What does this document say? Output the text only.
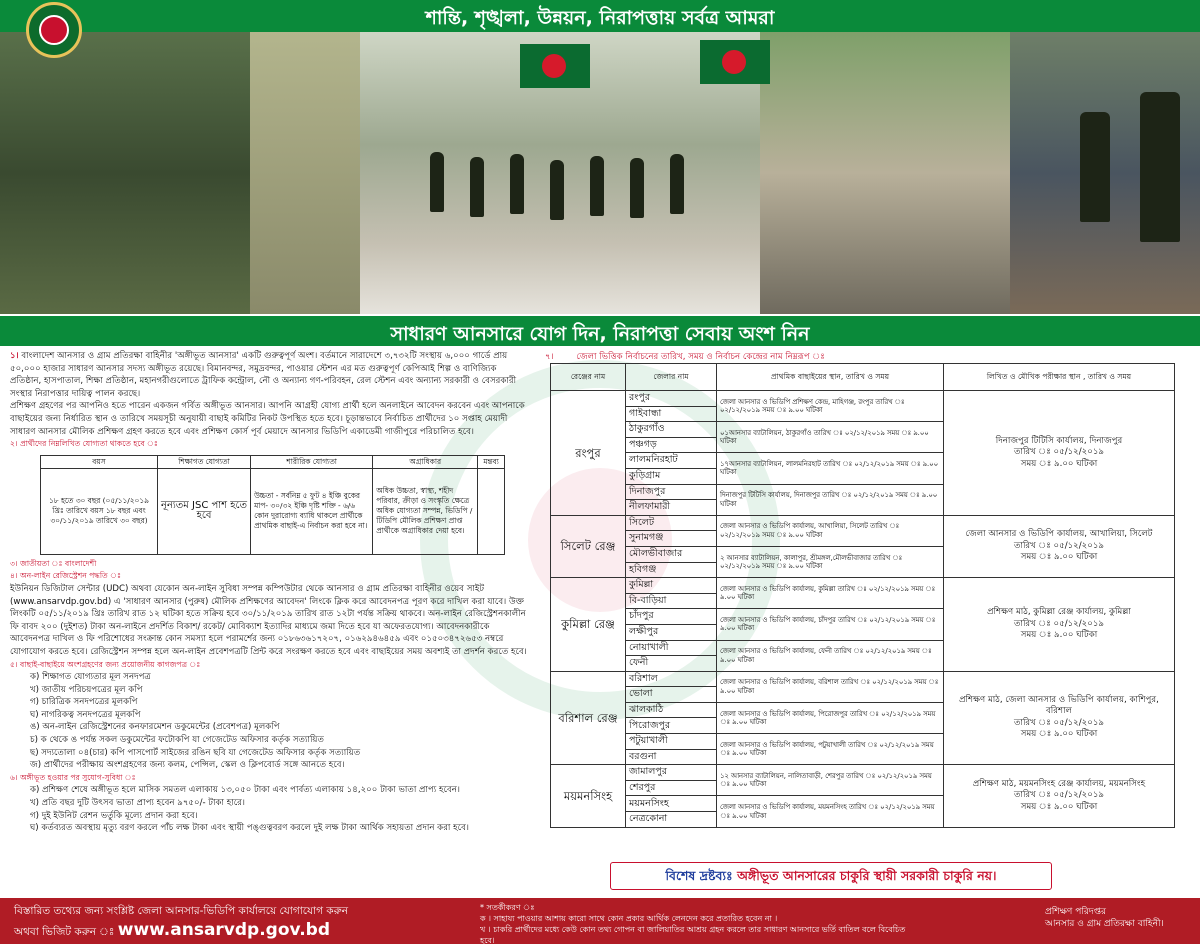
শান্তি, শৃঙ্খলা, উন্নয়ন, নিরাপত্তায় সর্বত্র আমরা
সাধারণ আনসারে যোগ দিন, নিরাপত্তা সেবায় অংশ নিন

১। বাংলাদেশ আনসার ও গ্রাম প্রতিরক্ষা বাহিনীর 'অঙ্গীভূত আনসার' একটি গুরুত্বপূর্ণ অংশ। বর্তমানে সারাদেশে ৩,৭৩২টি সংস্থায় ৬,০০০ গার্ডে প্রায় ৫০,০০০ হাজার সাধারণ আনসার সদস্য অঙ্গীভূত রয়েছে। বিমানবন্দর, সমুদ্রবন্দর, পাওয়ার স্টেশন এর মত গুরুত্বপূর্ণ কেপিআই শিল্প ও বাণিজ্যিক প্রতিষ্ঠান, হাসপাতাল, শিক্ষা প্রতিষ্ঠান, মহানগরীগুলোতে ট্রাফিক কন্ট্রোল, নৌ ও অন্যান্য গণ-পরিবহন, রেল স্টেশন এবং অন্যান্য সরকারী ও বেসরকারী সংস্থার নিরাপত্তার দায়িত্ব পালন করছে।

প্রশিক্ষণ গ্রহণের পর আপনিও হতে পারেন একজন গর্বিত অঙ্গীভূত আনসার। আপনি আগ্রহী যোগ্য প্রার্থী হলে অনলাইনে আবেদন করবেন এবং আপনাকে বাছাইয়ের জন্য নির্ধারিত স্থান ও তারিখে সময়সূচী অনুযায়ী বাছাই কমিটির নিকট উপস্থিত হতে হবে। চূড়ান্তভাবে নির্বাচিত প্রার্থীদের ১০ সপ্তাহ মেয়াদী সাধারণ আনসার মৌলিক প্রশিক্ষণ গ্রহণ করতে হবে এবং প্রশিক্ষণ কোর্স পূর্ব মেয়াদে আনসার ভিডিপি একাডেমী গাজীপুরে পরিচালিত হবে।

২। প্রার্থীদের নিম্নলিখিত যোগ্যতা থাকতে হবে ঃ

বয়স	শিক্ষাগত যোগ্যতা	শারীরিক যোগ্যতা	অগ্রাধিকার	মন্তব্য
১৮ হতে ৩০ বছর (০৫/১১/২০১৯ খ্রিঃ তারিখে বয়স ১৮ বছর এবং ৩০/১১/২০১৯ তারিখে ৩০ বছর)	নূন্যতম JSC পাশ হতে হবে	উচ্চতা - সর্বনিম্ন ৫ ফুট ৪ ইঞ্চি বুকের মাপ- ৩০/৩২ ইঞ্চি দৃষ্টি শক্তি - ৬/৬ কোন দুরারোগ্য ব্যাধি থাকলে প্রার্থীকে প্রাথমিক বাছাই-এ নির্বাচন করা হবে না।	অধিক উচ্চতা, স্বাস্থ্য, শহীদ পরিবার, ক্রীড়া ও সংস্কৃতি ক্ষেত্রে অধিক যোগ্যতা সম্পন্ন, ভিডিপি / টিডিপি মৌলিক প্রশিক্ষণ প্রাপ্ত প্রার্থীকে অগ্রাধিকার দেয়া হবে।	

৩। জাতীয়তা ঃ বাংলাদেশী

৪। অন-লাইন রেজিস্ট্রেশন পদ্ধতি ঃ

ইউনিয়ন ডিজিটাল সেন্টার (UDC) অথবা যেকোন অন-লাইন সুবিধা সম্পন্ন কম্পিউটার থেকে আনসার ও গ্রাম প্রতিরক্ষা বাহিনীর ওয়েব সাইট (www.ansarvdp.gov.bd) এ 'সাধারণ আনসার (পুরুষ) মৌলিক প্রশিক্ষণের আবেদন' লিংকে ক্লিক করে আবেদনপত্র পূরণ করে দাখিল করা যাবে। উক্ত লিংকটি ০৫/১১/২০১৯ খ্রিঃ তারিখ রাত ১২ ঘটিকা হতে সক্রিয় হবে ৩০/১১/২০১৯ তারিখ রাত ১২টা পর্যন্ত সক্রিয় থাকবে। অন-লাইন রেজিস্ট্রেশনকালীন ফি বাবদ ২০০ (দুইশত) টাকা অন-লাইনে প্রদর্শিত বিকাশ/ রকেট/ মোবিক্যাশ ইত্যাদির মাধ্যমে জমা দিতে হবে যা অফেরতযোগ্য। আবেদনকারীকে আবেদনপত্র দাখিল ও ফি পরিশোধের সংক্রান্ত কোন সমস্যা হলে পরামর্শের জন্য ০১৮৬৩৬১৭২০৭, ০১৬২৯৪৬৪৫৯ এবং ০১৫০৩৪৭২৬৫৩ নম্বরে যোগাযোগ করতে হবে। রেজিস্ট্রেশন সম্পন্ন হলে অন-লাইন প্রবেশপত্রটি প্রিন্ট করে সংরক্ষণ করতে হবে এবং বাছাইয়ের সময় অবশ্যই তা প্রদর্শন করতে হবে।

৫। বাছাই-বাছাইয়ে অংশগ্রহণের জন্য প্রয়োজনীয় কাগজপত্র ঃ

ক) শিক্ষাগত যোগ্যতার মূল সনদপত্র

খ) জাতীয় পরিচয়পত্রের মূল কপি

গ) চারিত্রিক সনদপত্রের মূলকপি

ঘ) নাগরিকত্ব সনদপত্রের মূলকপি

ঙ) অন-লাইন রেজিস্ট্রেশনের কনফারমেশন ডকুমেন্টের (প্রবেশপত্র) মূলকপি

চ) ক থেকে ঙ পর্যন্ত সকল ডকুমেন্টের ফটোকপি যা গেজেটেড অফিসার কর্তৃক সত্যায়িত

ছ) সদ্যতোলা ০৪(চার) কপি পাসপোর্ট সাইজের রঙিন ছবি যা গেজেটেড অফিসার কর্তৃক সত্যায়িত

জ) প্রার্থীদের পরীক্ষায় অংশগ্রহণের জন্য কলম, পেন্সিল, স্কেল ও ক্লিপবোর্ড সঙ্গে আনতে হবে।

৬। অঙ্গীভূত হওয়ার পর সুযোগ-সুবিধা ঃ

ক) প্রশিক্ষণ শেষে অঙ্গীভূত হলে মাসিক সমতল এলাকায় ১৩,০৫০ টাকা এবং পার্বত্য এলাকায় ১৪,২০০ টাকা ভাতা প্রাপ্য হবেন।

খ) প্রতি বছর দুটি উৎসব ভাতা প্রাপ্য হবেন ৯৭৫০/- টাকা হারে।

গ) দুই ইউনিট রেশন ভর্তুকি মূল্যে প্রদান করা হবে।

ঘ) কর্তব্যরত অবস্থায় মৃত্যু বরণ করলে পাঁচ লক্ষ টাকা এবং স্থায়ী পঙ্গুত্ববরণ করলে দুই লক্ষ টাকা আর্থিক সহায়তা প্রদান করা হবে।

৭।	জেলা ভিত্তিক নির্বাচনের তারিখ, সময় ও নির্বাচন কেন্দ্রের নাম নিম্নরূপ ঃ
রেঞ্জের নাম	জেলার নাম	প্রাথমিক বাছাইয়ের স্থান, তারিখ ও সময়	লিখিত ও মৌখিক পরীক্ষার স্থান , তারিখ ও সময়
রংপুর	রংপুর	জেলা আনসার ও ভিডিপি প্রশিক্ষণ কেন্দ্র, মাহিগঞ্জ, রংপুর তারিখ ঃ ০২/১২/২০১৯ সময় ঃ ৯.০০ ঘটিকা	দিনাজপুর টিটিসি কার্যালয়, দিনাজপুর
তারিখ ঃ ০৫/১২/২০১৯
সময় ঃ ৯.০০ ঘটিকা
	গাইবান্ধা		
	ঠাকুরগাঁও	০১আনসার ব্যাটালিয়ন, ঠাকুরগাঁও তারিখ ঃ ০২/১২/২০১৯ সময় ঃ ৯.০০ ঘটিকা	
	পঞ্চগড়		
	লালমনিরহাট	১৭আনসার ব্যাটালিয়ন, লালমনিরহাট তারিখ ঃ ০২/১২/২০১৯ সময় ঃ ৯.০০ ঘটিকা	
	কুড়িগ্রাম		
	দিনাজপুর	দিনাজপুর টিটিসি কার্যালয়, দিনাজপুর তারিখ ঃ ০২/১২/২০১৯ সময় ঃ ৯.০০ ঘটিকা	
	নীলফামারী		
সিলেট রেঞ্জ	সিলেট	জেলা আনসার ও ভিডিপি কার্যালয়, আখালিয়া, সিলেট তারিখ ঃ ০২/১২/২০১৯ সময় ঃ ৯.০০ ঘটিকা	জেলা আনসার ও ভিডিপি কার্যালয়, আখালিয়া, সিলেট
তারিখ ঃ ০৫/১২/২০১৯
সময় ঃ ৯.০০ ঘটিকা
	সুনামগঞ্জ		
	মৌলভীবাজার	২ আনসার ব্যাটালিয়ন, কালাপুর, শ্রীমঙ্গল,মৌলভীবাজার তারিখ ঃ ০২/১২/২০১৯ সময় ঃ ৯.০০ ঘটিকা	
	হবিগঞ্জ		
কুমিল্লা রেঞ্জ	কুমিল্লা	জেলা আনসার ও ভিডিপি কার্যালয়, কুমিল্লা তারিখ ঃ ০২/১২/২০১৯ সময় ঃ ৯.০০ ঘটিকা	প্রশিক্ষণ মাঠ, কুমিল্লা রেঞ্জ কার্যালয়, কুমিল্লা
তারিখ ঃ ০৫/১২/২০১৯
সময় ঃ ৯.০০ ঘটিকা
	বি-বাড়িয়া		
	চাঁদপুর	জেলা আনসার ও ভিডিপি কার্যালয়, চাঁদপুর তারিখ ঃ ০২/১২/২০১৯ সময় ঃ ৯.০০ ঘটিকা	
	লক্ষীপুর		
	নোয়াখালী	জেলা আনসার ও ভিডিপি কার্যালয়, ফেনী তারিখ ঃ ০২/১২/২০১৯ সময় ঃ ৯.০০ ঘটিকা	
	ফেনী		
বরিশাল রেঞ্জ	বরিশাল	জেলা আনসার ও ভিডিপি কার্যালয়, বরিশাল তারিখ ঃ ০২/১২/২০১৯ সময় ঃ ৯.০০ ঘটিকা	প্রশিক্ষণ মাঠ, জেলা আনসার ও ভিডিপি কার্যালয়, কাশিপুর, বরিশাল
তারিখ ঃ ০৫/১২/২০১৯
সময় ঃ ৯.০০ ঘটিকা
	ভোলা		
	ঝালকাঠি	জেলা আনসার ও ভিডিপি কার্যালয়, পিরোজপুর তারিখ ঃ ০২/১২/২০১৯ সময় ঃ ৯.০০ ঘটিকা	
	পিরোজপুর		
	পটুয়াখালী	জেলা আনসার ও ভিডিপি কার্যালয়, পটুয়াখালী তারিখ ঃ ০২/১২/২০১৯ সময় ঃ ৯.০০ ঘটিকা	
	বরগুনা		
ময়মনসিংহ	জামালপুর	১২ আনসার ব্যাটালিয়ন, নালিতাবাড়ী, শেরপুর তারিখ ঃ ০২/১২/২০১৯ সময় ঃ ৯.০০ ঘটিকা	প্রশিক্ষণ মাঠ, ময়মনসিংহ রেঞ্জ কার্যালয়, ময়মনসিংহ
তারিখ ঃ ০৫/১২/২০১৯
সময় ঃ ৯.০০ ঘটিকা
	শেরপুর		
	ময়মনসিংহ	জেলা আনসার ও ভিডিপি কার্যালয়, ময়মনসিংহ তারিখ ঃ ০২/১২/২০১৯ সময় ঃ ৯.০০ ঘটিকা	
	নেত্রকোনা		
বিশেষ দ্রষ্টব্যঃ অঙ্গীভূত আনসারের চাকুরি স্থায়ী সরকারী চাকুরি নয়।
বিস্তারিত তথ্যের জন্য সংশ্লিষ্ট জেলা আনসার-ভিডিপি কার্যালয়ে যোগাযোগ করুন
অথবা ভিজিট করুন ঃ www.ansarvdp.gov.bd
* সতর্কীকরণ ঃ
ক । সাহায্য পাওয়ার আশায় কারো সাথে কোন প্রকার আর্থিক লেনদেন করে প্রতারিত হবেন না ।
খ । চাকরি প্রার্থীদের মধ্যে কেউ কোন তথ্য গোপন বা জালিয়াতির আশ্রয় গ্রহন করলে তার সাধারণ আনসারে ভর্তি বাতিল বলে বিবেচিত হবে।
প্রশিক্ষণ পরিদপ্তর
আনসার ও গ্রাম প্রতিরক্ষা বাহিনী।
